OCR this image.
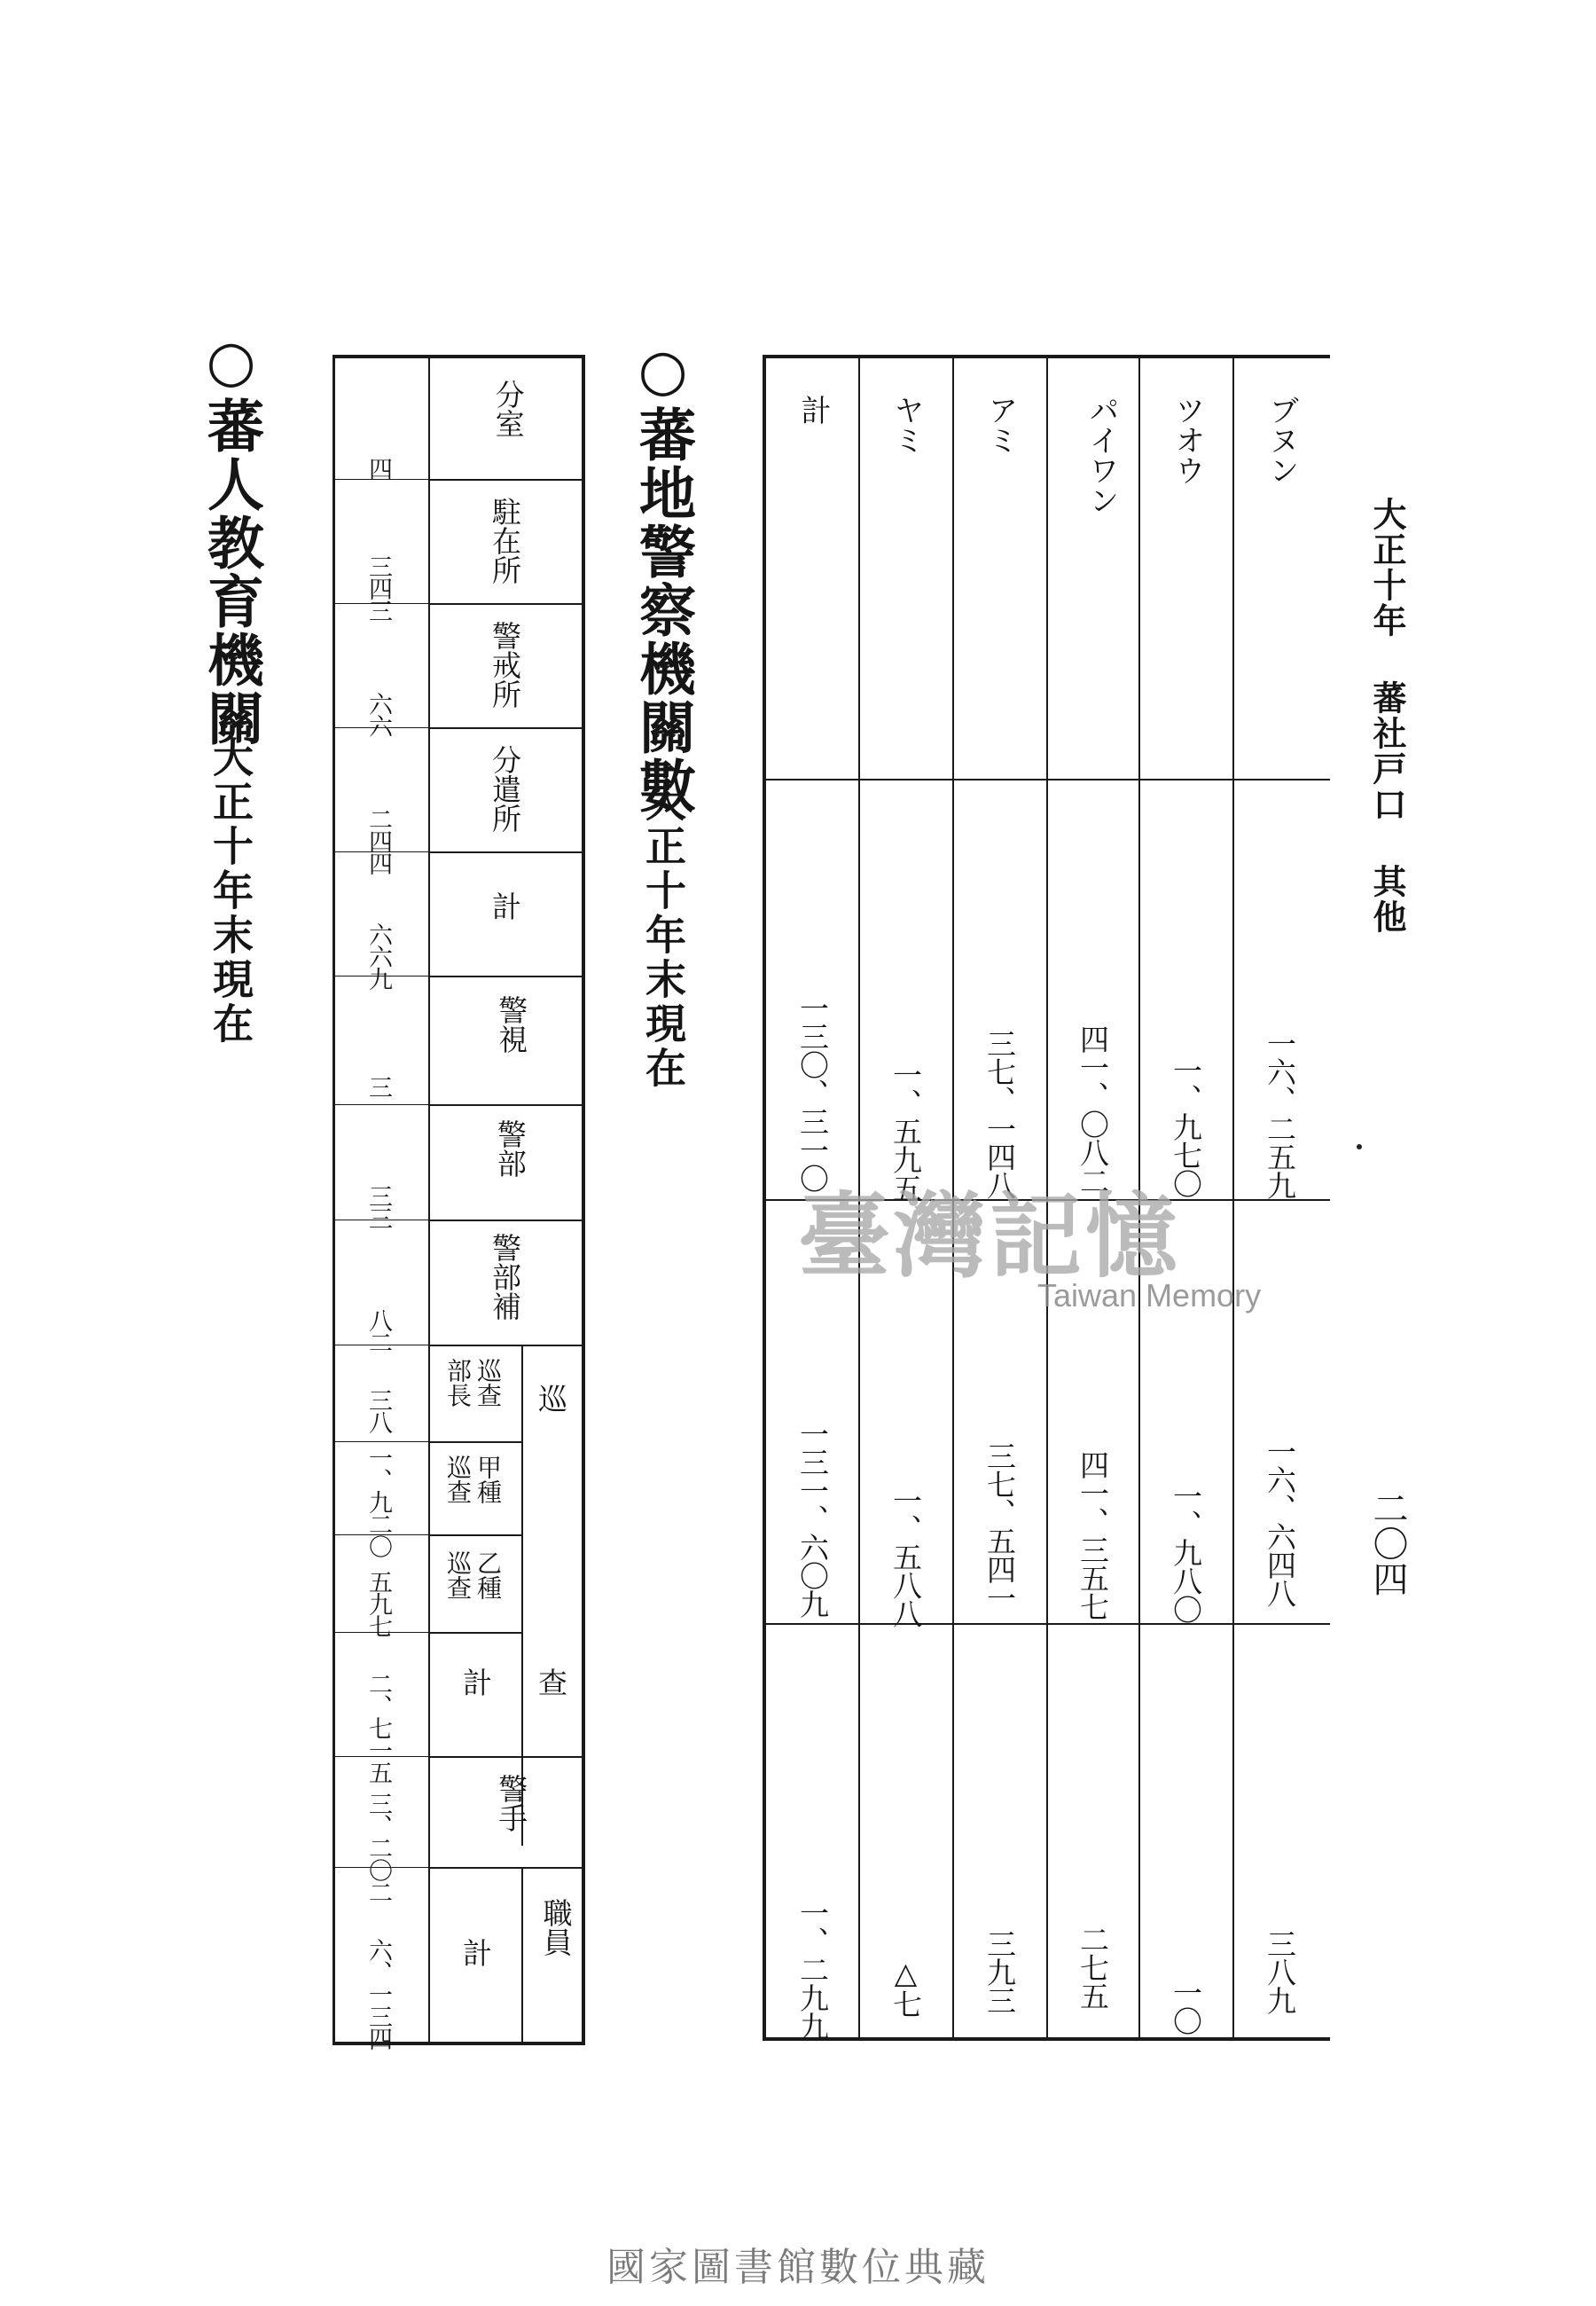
大正十年 蕃社戸口 其他
二〇四
ブヌン
一六、二五九
一六、六四八
三八九
ツオウ
一、九七〇
一、九八〇
一〇
パイワン
四一、〇八二
四一、三五七
二七五
アミ
三七、一四八
三七、五四一
三九三
ヤミ
一、五九五
一、五八八
△七
計
一三〇、三一〇
一三一、六〇九
一、二九九
○蕃地警察機關數
大正十年末現在
分室
駐在所
警戒所
分遣所
計
警視
警部
警部補
巡
查
巡查
部長
甲種
巡查
乙種
巡查
計
警手
職員
計
四
三四三
六六
二四四
六六九
三
三三
八二
三八
一、九二〇
五九七
二、七一五
三、二〇二
六、一三四
○蕃人教育機關
大正十年末現在
臺灣記憶
Taiwan Memory
國家圖書館數位典藏
